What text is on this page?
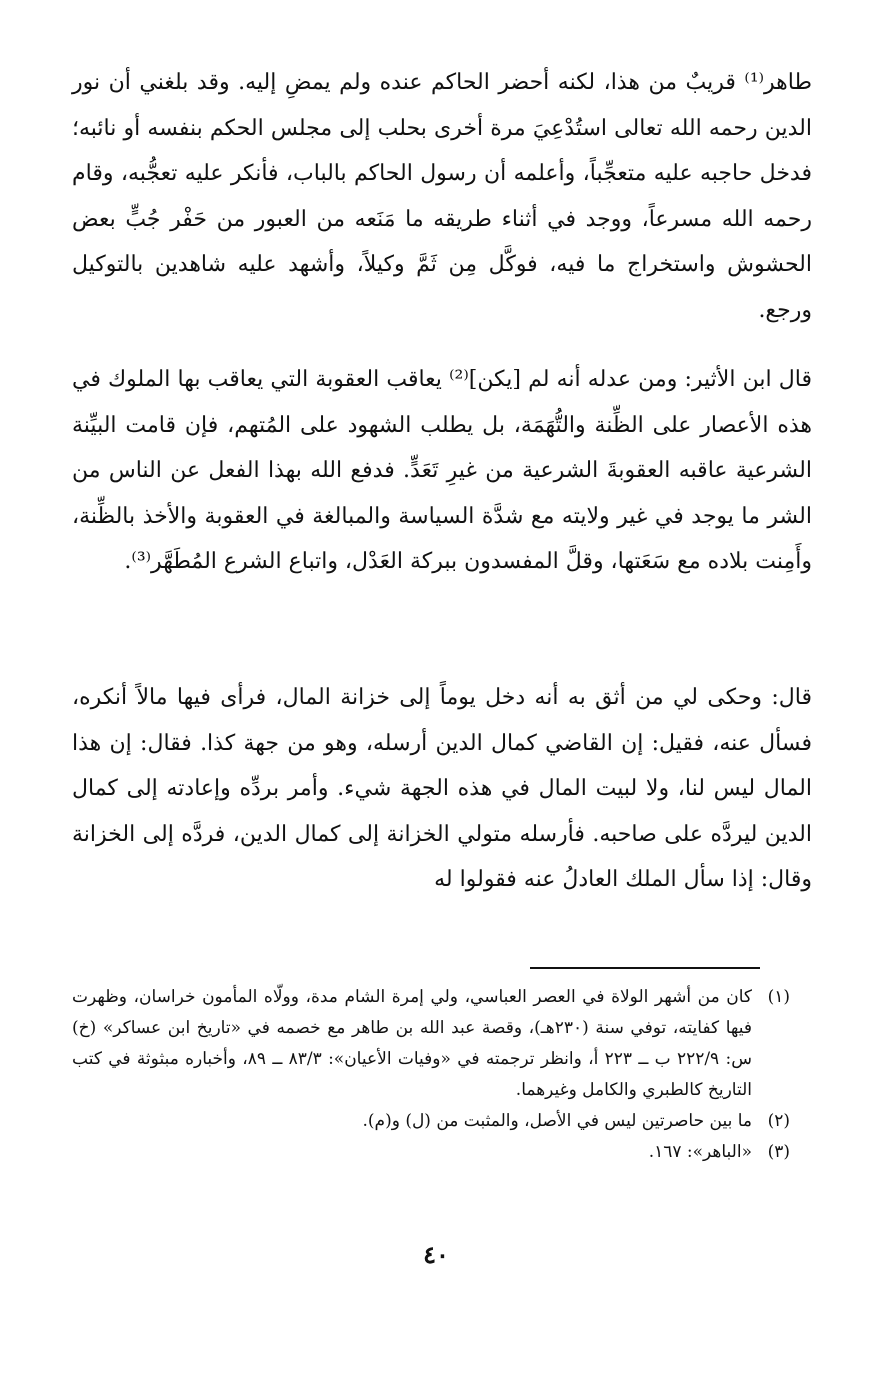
طاهر⁽¹⁾ قريبٌ من هذا، لكنه أحضر الحاكم عنده ولم يمضِ إليه. وقد بلغني أن نور الدين رحمه الله تعالى استُدْعِيَ مرة أخرى بحلب إلى مجلس الحكم بنفسه أو نائبه؛ فدخل حاجبه عليه متعجِّباً، وأعلمه أن رسول الحاكم بالباب، فأنكر عليه تعجُّبه، وقام رحمه الله مسرعاً، ووجد في أثناء طريقه ما مَنَعه من العبور من حَفْر جُبٍّ بعض الحشوش واستخراج ما فيه، فوكَّل مِن ثَمَّ وكيلاً، وأشهد عليه شاهدين بالتوكيل ورجع.

قال ابن الأثير: ومن عدله أنه لم [يكن]⁽²⁾ يعاقب العقوبة التي يعاقب بها الملوك في هذه الأعصار على الظِّنة والتُّهَمَة، بل يطلب الشهود على المُتهم، فإن قامت البيِّنة الشرعية عاقبه العقوبةَ الشرعية من غيرِ تَعَدٍّ. فدفع الله بهذا الفعل عن الناس من الشر ما يوجد في غير ولايته مع شدَّة السياسة والمبالغة في العقوبة والأخذ بالظِّنة، وأَمِنت بلاده مع سَعَتها، وقلَّ المفسدون ببركة العَدْل، واتباع الشرع المُطَهَّر⁽³⁾.

قال: وحكى لي من أثق به أنه دخل يوماً إلى خزانة المال، فرأى فيها مالاً أنكره، فسأل عنه، فقيل: إن القاضي كمال الدين أرسله، وهو من جهة كذا. فقال: إن هذا المال ليس لنا، ولا لبيت المال في هذه الجهة شيء. وأمر بردِّه وإعادته إلى كمال الدين ليردَّه على صاحبه. فأرسله متولي الخزانة إلى كمال الدين، فردَّه إلى الخزانة وقال: إذا سأل الملك العادلُ عنه فقولوا له

(١)
كان من أشهر الولاة في العصر العباسي، ولي إمرة الشام مدة، وولّاه المأمون خراسان، وظهرت فيها كفايته، توفي سنة (٢٣٠هـ)، وقصة عبد الله بن طاهر مع خصمه في «تاريخ ابن عساكر» (خ) س: ٢٢٢/٩ ب ــ ٢٢٣ أ، وانظر ترجمته في «وفيات الأعيان»: ٨٣/٣ ــ ٨٩، وأخباره مبثوثة في كتب التاريخ كالطبري والكامل وغيرهما.
(٢)
ما بين حاصرتين ليس في الأصل، والمثبت من (ل) و(م).
(٣)
«الباهر»: ١٦٧.
٤٠
